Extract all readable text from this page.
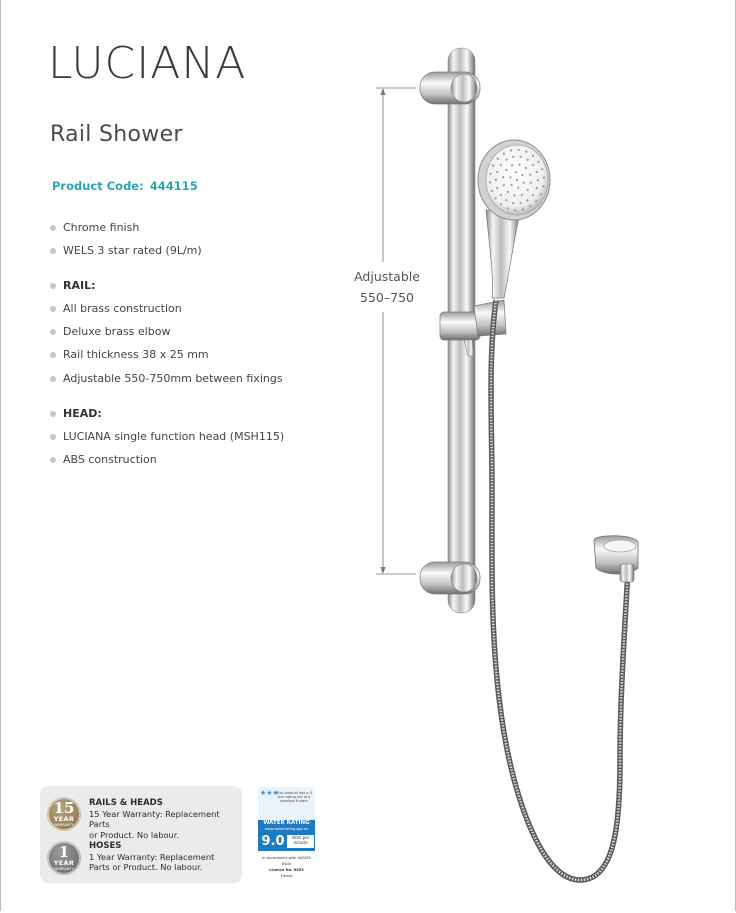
LUCIANA
Rail Shower
Product Code: 444115
Chrome finish
WELS 3 star rated (9L/m)
RAIL:
All brass construction
Deluxe brass elbow
Rail thickness 38 x 25 mm
Adjustable 550-750mm between fixings
HEAD:
LUCIANA single function head (MSH115)
ABS construction
Adjustable
550–750
15
YEAR
WARRANTY
RAILS & HEADS
15 Year Warranty: Replacement Parts
or Product. No labour.
1
YEAR
WARRANTY
HOSES
1 Year Warranty: Replacement
Parts or Product. No labour.
★★★
This product has a 3 star rating out of a possible 6 stars
WATER RATING
www.waterrating.gov.au
9.0	litres per minute
In accordance with AS/NZS 6400
Licence No. 6053
Fienza
